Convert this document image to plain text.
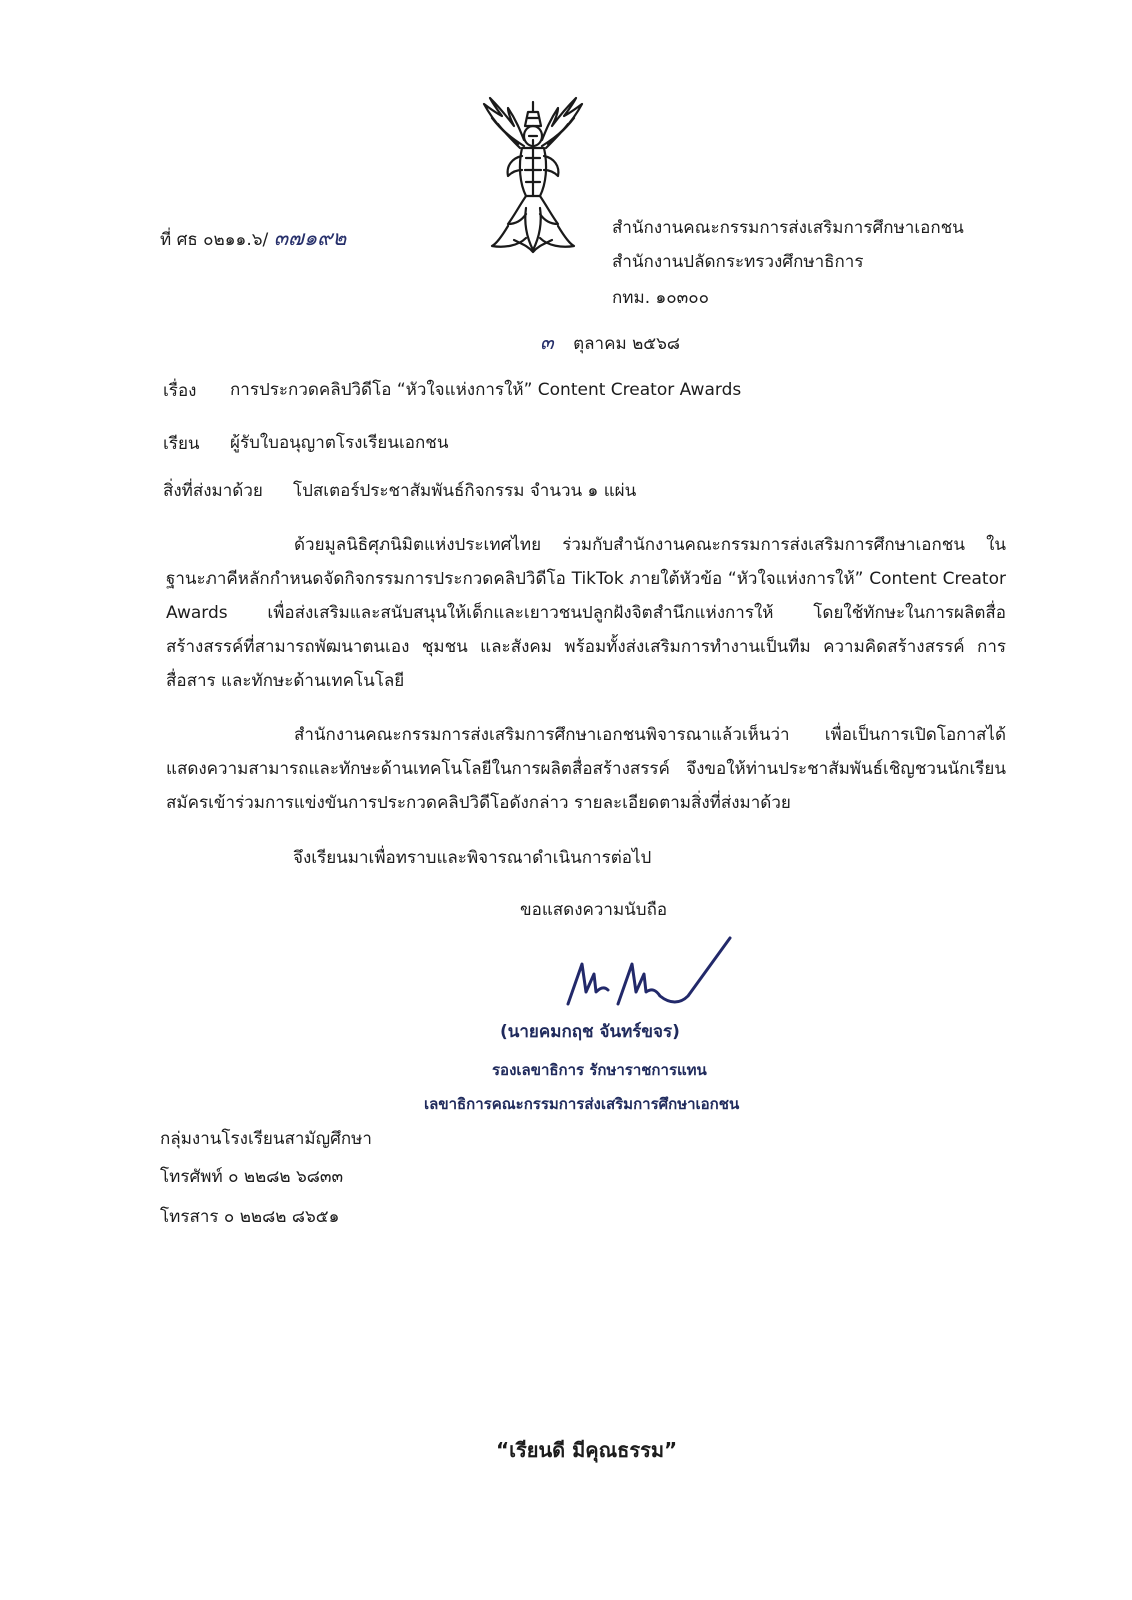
ที่ ศธ ๐๒๑๑.๖/ ๓๗๑๙๒	สำนักงานคณะกรรมการส่งเสริมการศึกษาเอกชน
สำนักงานปลัดกระทรวงศึกษาธิการ
กทม. ๑๐๓๐๐
๓ ตุลาคม ๒๕๖๘
เรื่อง การประกวดคลิปวิดีโอ “หัวใจแห่งการให้” Content Creator Awards
เรียน ผู้รับใบอนุญาตโรงเรียนเอกชน
สิ่งที่ส่งมาด้วย โปสเตอร์ประชาสัมพันธ์กิจกรรม จำนวน ๑ แผ่น
ด้วยมูลนิธิศุภนิมิตแห่งประเทศไทย ร่วมกับสำนักงานคณะกรรมการส่งเสริมการศึกษาเอกชน ในฐานะภาคีหลักกำหนดจัดกิจกรรมการประกวดคลิปวิดีโอ TikTok ภายใต้หัวข้อ “หัวใจแห่งการให้” Content Creator Awards เพื่อส่งเสริมและสนับสนุนให้เด็กและเยาวชนปลูกฝังจิตสำนึกแห่งการให้ โดยใช้ทักษะในการผลิตสื่อสร้างสรรค์ที่สามารถพัฒนาตนเอง ชุมชน และสังคม พร้อมทั้งส่งเสริมการทำงานเป็นทีม ความคิดสร้างสรรค์ การสื่อสาร และทักษะด้านเทคโนโลยี
สำนักงานคณะกรรมการส่งเสริมการศึกษาเอกชนพิจารณาแล้วเห็นว่า เพื่อเป็นการเปิดโอกาสได้แสดงความสามารถและทักษะด้านเทคโนโลยีในการผลิตสื่อสร้างสรรค์ จึงขอให้ท่านประชาสัมพันธ์เชิญชวนนักเรียนสมัครเข้าร่วมการแข่งขันการประกวดคลิปวิดีโอดังกล่าว รายละเอียดตามสิ่งที่ส่งมาด้วย
จึงเรียนมาเพื่อทราบและพิจารณาดำเนินการต่อไป
ขอแสดงความนับถือ
(นายคมกฤช จันทร์ขจร)
รองเลขาธิการ รักษาราชการแทน
เลขาธิการคณะกรรมการส่งเสริมการศึกษาเอกชน
กลุ่มงานโรงเรียนสามัญศึกษา
โทรศัพท์ ๐ ๒๒๘๒ ๖๘๓๓
โทรสาร ๐ ๒๒๘๒ ๘๖๕๑
“เรียนดี มีคุณธรรม”
